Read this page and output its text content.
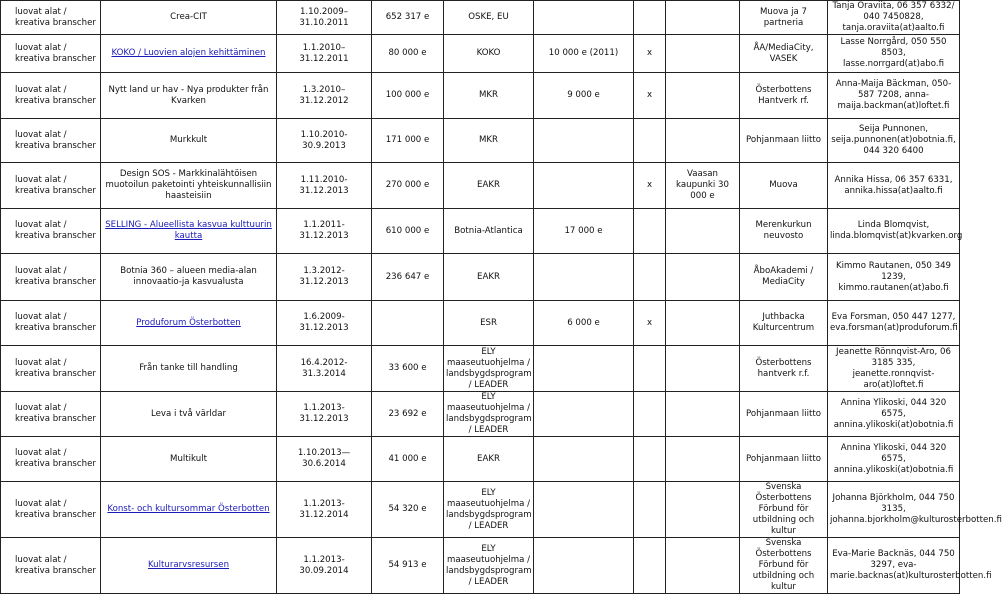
luovat alat / kreativa branscher	Crea-CIT	1.10.2009–31.10.2011	652 317 e	OSKE, EU				Muova ja 7 partneria	Tanja Oraviita, 06 357 6332/ 040 7450828, tanja.oraviita(at)aalto.fi
luovat alat / kreativa branscher	KOKO / Luovien alojen kehittäminen	1.1.2010–31.12.2011	80 000 e	KOKO	10 000 e (2011)	x		ÅA/MediaCity, VASEK	Lasse Norrgård, 050 550 8503, lasse.norrgard(at)abo.fi
luovat alat / kreativa branscher	Nytt land ur hav - Nya produkter från Kvarken	1.3.2010–31.12.2012	100 000 e	MKR	9 000 e	x		Österbottens Hantverk rf.	Anna-Maija Bäckman, 050-587 7208, anna-maija.backman(at)loftet.fi
luovat alat / kreativa branscher	Murkkult	1.10.2010-30.9.2013	171 000 e	MKR				Pohjanmaan liitto	Seija Punnonen, seija.punnonen(at)obotnia.fi, 044 320 6400
luovat alat / kreativa branscher	Design SOS - Markkinalähtöisen muotoilun paketointi yhteiskunnallisiin haasteisiin	1.11.2010-31.12.2013	270 000 e	EAKR		x	Vaasan kaupunki 30 000 e	Muova	Annika Hissa, 06 357 6331, annika.hissa(at)aalto.fi
luovat alat / kreativa branscher	SELLING - Alueellista kasvua kulttuurin kautta	1.1.2011-31.12.2013	610 000 e	Botnia-Atlantica	17 000 e			Merenkurkun neuvosto	Linda Blomqvist, linda.blomqvist(at)kvarken.org
luovat alat / kreativa branscher	Botnia 360 – alueen media-alan innovaatio-ja kasvualusta	1.3.2012-31.12.2013	236 647 e	EAKR				ÅboAkademi / MediaCity	Kimmo Rautanen, 050 349 1239, kimmo.rautanen(at)abo.fi
luovat alat / kreativa branscher	Produforum Österbotten	1.6.2009-31.12.2013		ESR	6 000 e	x		Juthbacka Kulturcentrum	Eva Forsman, 050 447 1277, eva.forsman(at)produforum.fi
luovat alat / kreativa branscher	Från tanke till handling	16.4.2012-31.3.2014	33 600 e	ELY maaseutuohjelma / landsbygdsprogram / LEADER				Österbottens hantverk r.f.	Jeanette Rönnqvist-Aro, 06 3185 335, jeanette.ronnqvist-aro(at)loftet.fi
luovat alat / kreativa branscher	Leva i två världar	1.1.2013-31.12.2013	23 692 e	ELY maaseutuohjelma / landsbygdsprogram / LEADER				Pohjanmaan liitto	Annina Ylikoski, 044 320 6575, annina.ylikoski(at)obotnia.fi
luovat alat / kreativa branscher	Multikult	1.10.2013—30.6.2014	41 000 e	EAKR				Pohjanmaan liitto	Annina Ylikoski, 044 320 6575, annina.ylikoski(at)obotnia.fi
luovat alat / kreativa branscher	Konst- och kultursommar Österbotten	1.1.2013-31.12.2014	54 320 e	ELY maaseutuohjelma / landsbygdsprogram / LEADER				Svenska Österbottens Förbund för utbildning och kultur	Johanna Björkholm, 044 750 3135, johanna.bjorkholm@kulturosterbotten.fi
luovat alat / kreativa branscher	Kulturarvsresursen	1.1.2013-30.09.2014	54 913 e	ELY maaseutuohjelma / landsbygdsprogram / LEADER				Svenska Österbottens Förbund för utbildning och kultur	Eva-Marie Backnäs, 044 750 3297, eva-marie.backnas(at)kulturosterbotten.fi
